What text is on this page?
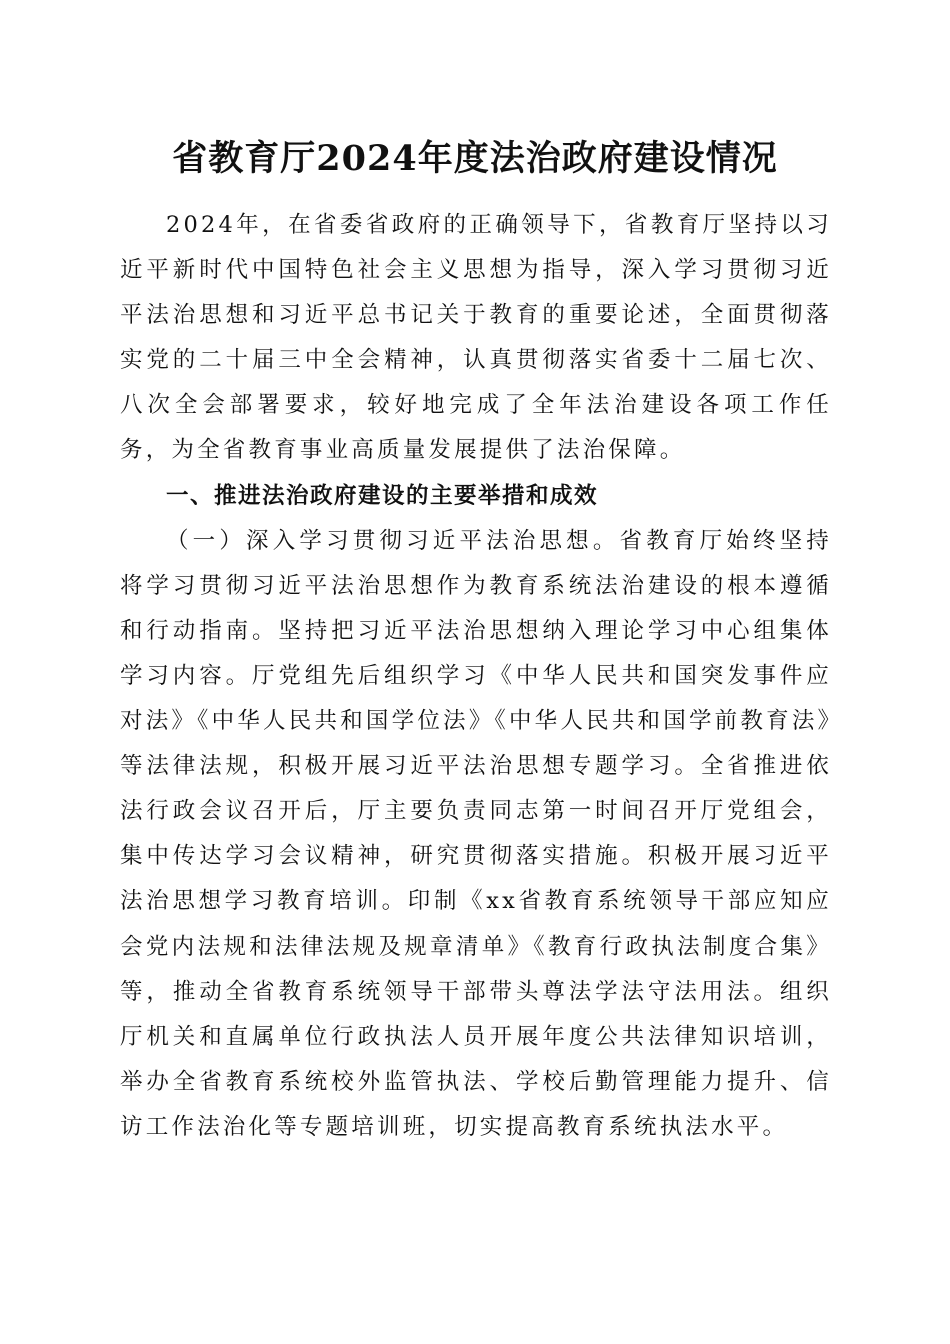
省教育厅2024年度法治政府建设情况

2024年，在省委省政府的正确领导下，省教育厅坚持以习近平新时代中国特色社会主义思想为指导，深入学习贯彻习近平法治思想和习近平总书记关于教育的重要论述，全面贯彻落实党的二十届三中全会精神，认真贯彻落实省委十二届七次、八次全会部署要求，较好地完成了全年法治建设各项工作任务，为全省教育事业高质量发展提供了法治保障。

一、推进法治政府建设的主要举措和成效

（一）深入学习贯彻习近平法治思想。省教育厅始终坚持将学习贯彻习近平法治思想作为教育系统法治建设的根本遵循和行动指南。坚持把习近平法治思想纳入理论学习中心组集体学习内容。厅党组先后组织学习《中华人民共和国突发事件应对法》《中华人民共和国学位法》《中华人民共和国学前教育法》等法律法规，积极开展习近平法治思想专题学习。全省推进依法行政会议召开后，厅主要负责同志第一时间召开厅党组会，集中传达学习会议精神，研究贯彻落实措施。积极开展习近平法治思想学习教育培训。印制《xx省教育系统领导干部应知应会党内法规和法律法规及规章清单》《教育行政执法制度合集》等，推动全省教育系统领导干部带头尊法学法守法用法。组织厅机关和直属单位行政执法人员开展年度公共法律知识培训，举办全省教育系统校外监管执法、学校后勤管理能力提升、信访工作法治化等专题培训班，切实提高教育系统执法水平。
